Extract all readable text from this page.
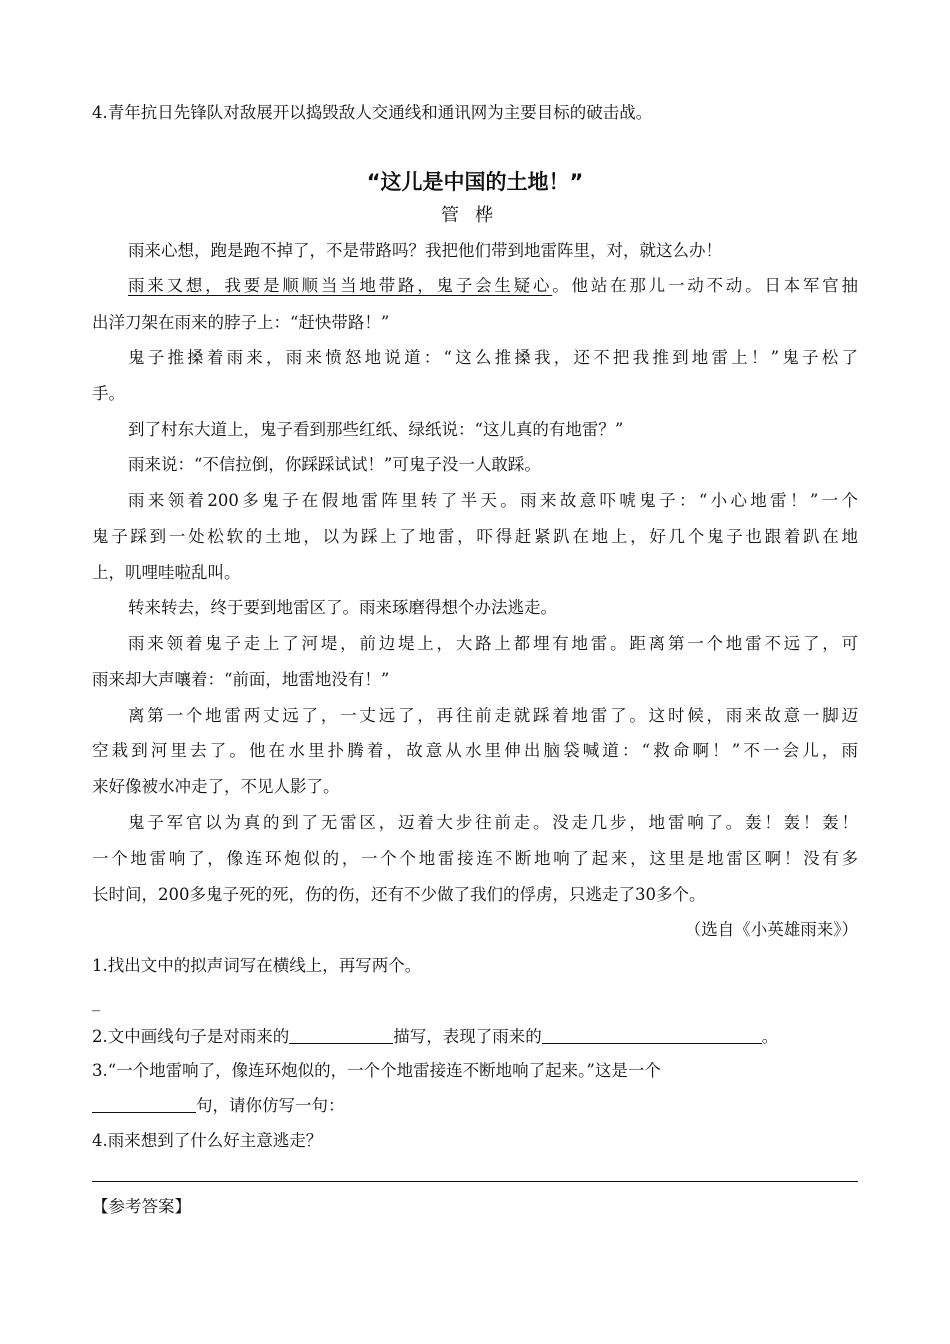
4.青年抗日先锋队对敌展开以捣毁敌人交通线和通讯网为主要目标的破击战。
“这儿是中国的土地！”
管桦
雨来心想，跑是跑不掉了，不是带路吗？我把他们带到地雷阵里，对，就这么办！
雨来又想，我要是顺顺当当地带路，鬼子会生疑心。他站在那儿一动不动。日本军官抽
出洋刀架在雨来的脖子上：“赶快带路！”
鬼子推搡着雨来，雨来愤怒地说道：“这么推搡我，还不把我推到地雷上！”鬼子松了
手。
到了村东大道上，鬼子看到那些红纸、绿纸说：“这儿真的有地雷？”
雨来说：“不信拉倒，你踩踩试试！”可鬼子没一人敢踩。
雨来领着200多鬼子在假地雷阵里转了半天。雨来故意吓唬鬼子：“小心地雷！”一个
鬼子踩到一处松软的土地，以为踩上了地雷，吓得赶紧趴在地上，好几个鬼子也跟着趴在地
上，叽哩哇啦乱叫。
转来转去，终于要到地雷区了。雨来琢磨得想个办法逃走。
雨来领着鬼子走上了河堤，前边堤上，大路上都埋有地雷。距离第一个地雷不远了，可
雨来却大声嚷着：“前面，地雷地没有！”
离第一个地雷两丈远了，一丈远了，再往前走就踩着地雷了。这时候，雨来故意一脚迈
空栽到河里去了。他在水里扑腾着，故意从水里伸出脑袋喊道：“救命啊！”不一会儿，雨
来好像被水冲走了，不见人影了。
鬼子军官以为真的到了无雷区，迈着大步往前走。没走几步，地雷响了。轰！轰！轰！
一个地雷响了，像连环炮似的，一个个地雷接连不断地响了起来，这里是地雷区啊！没有多
长时间，200多鬼子死的死，伤的伤，还有不少做了我们的俘虏，只逃走了30多个。
（选自《小英雄雨来》）
1.找出文中的拟声词写在横线上，再写两个。
_
2.文中画线句子是对雨来的	描写，表现了雨来的	。
3.“一个地雷响了，像连环炮似的，一个个地雷接连不断地响了起来。”这是一个
句，请你仿写一句：
4.雨来想到了什么好主意逃走？
【参考答案】
